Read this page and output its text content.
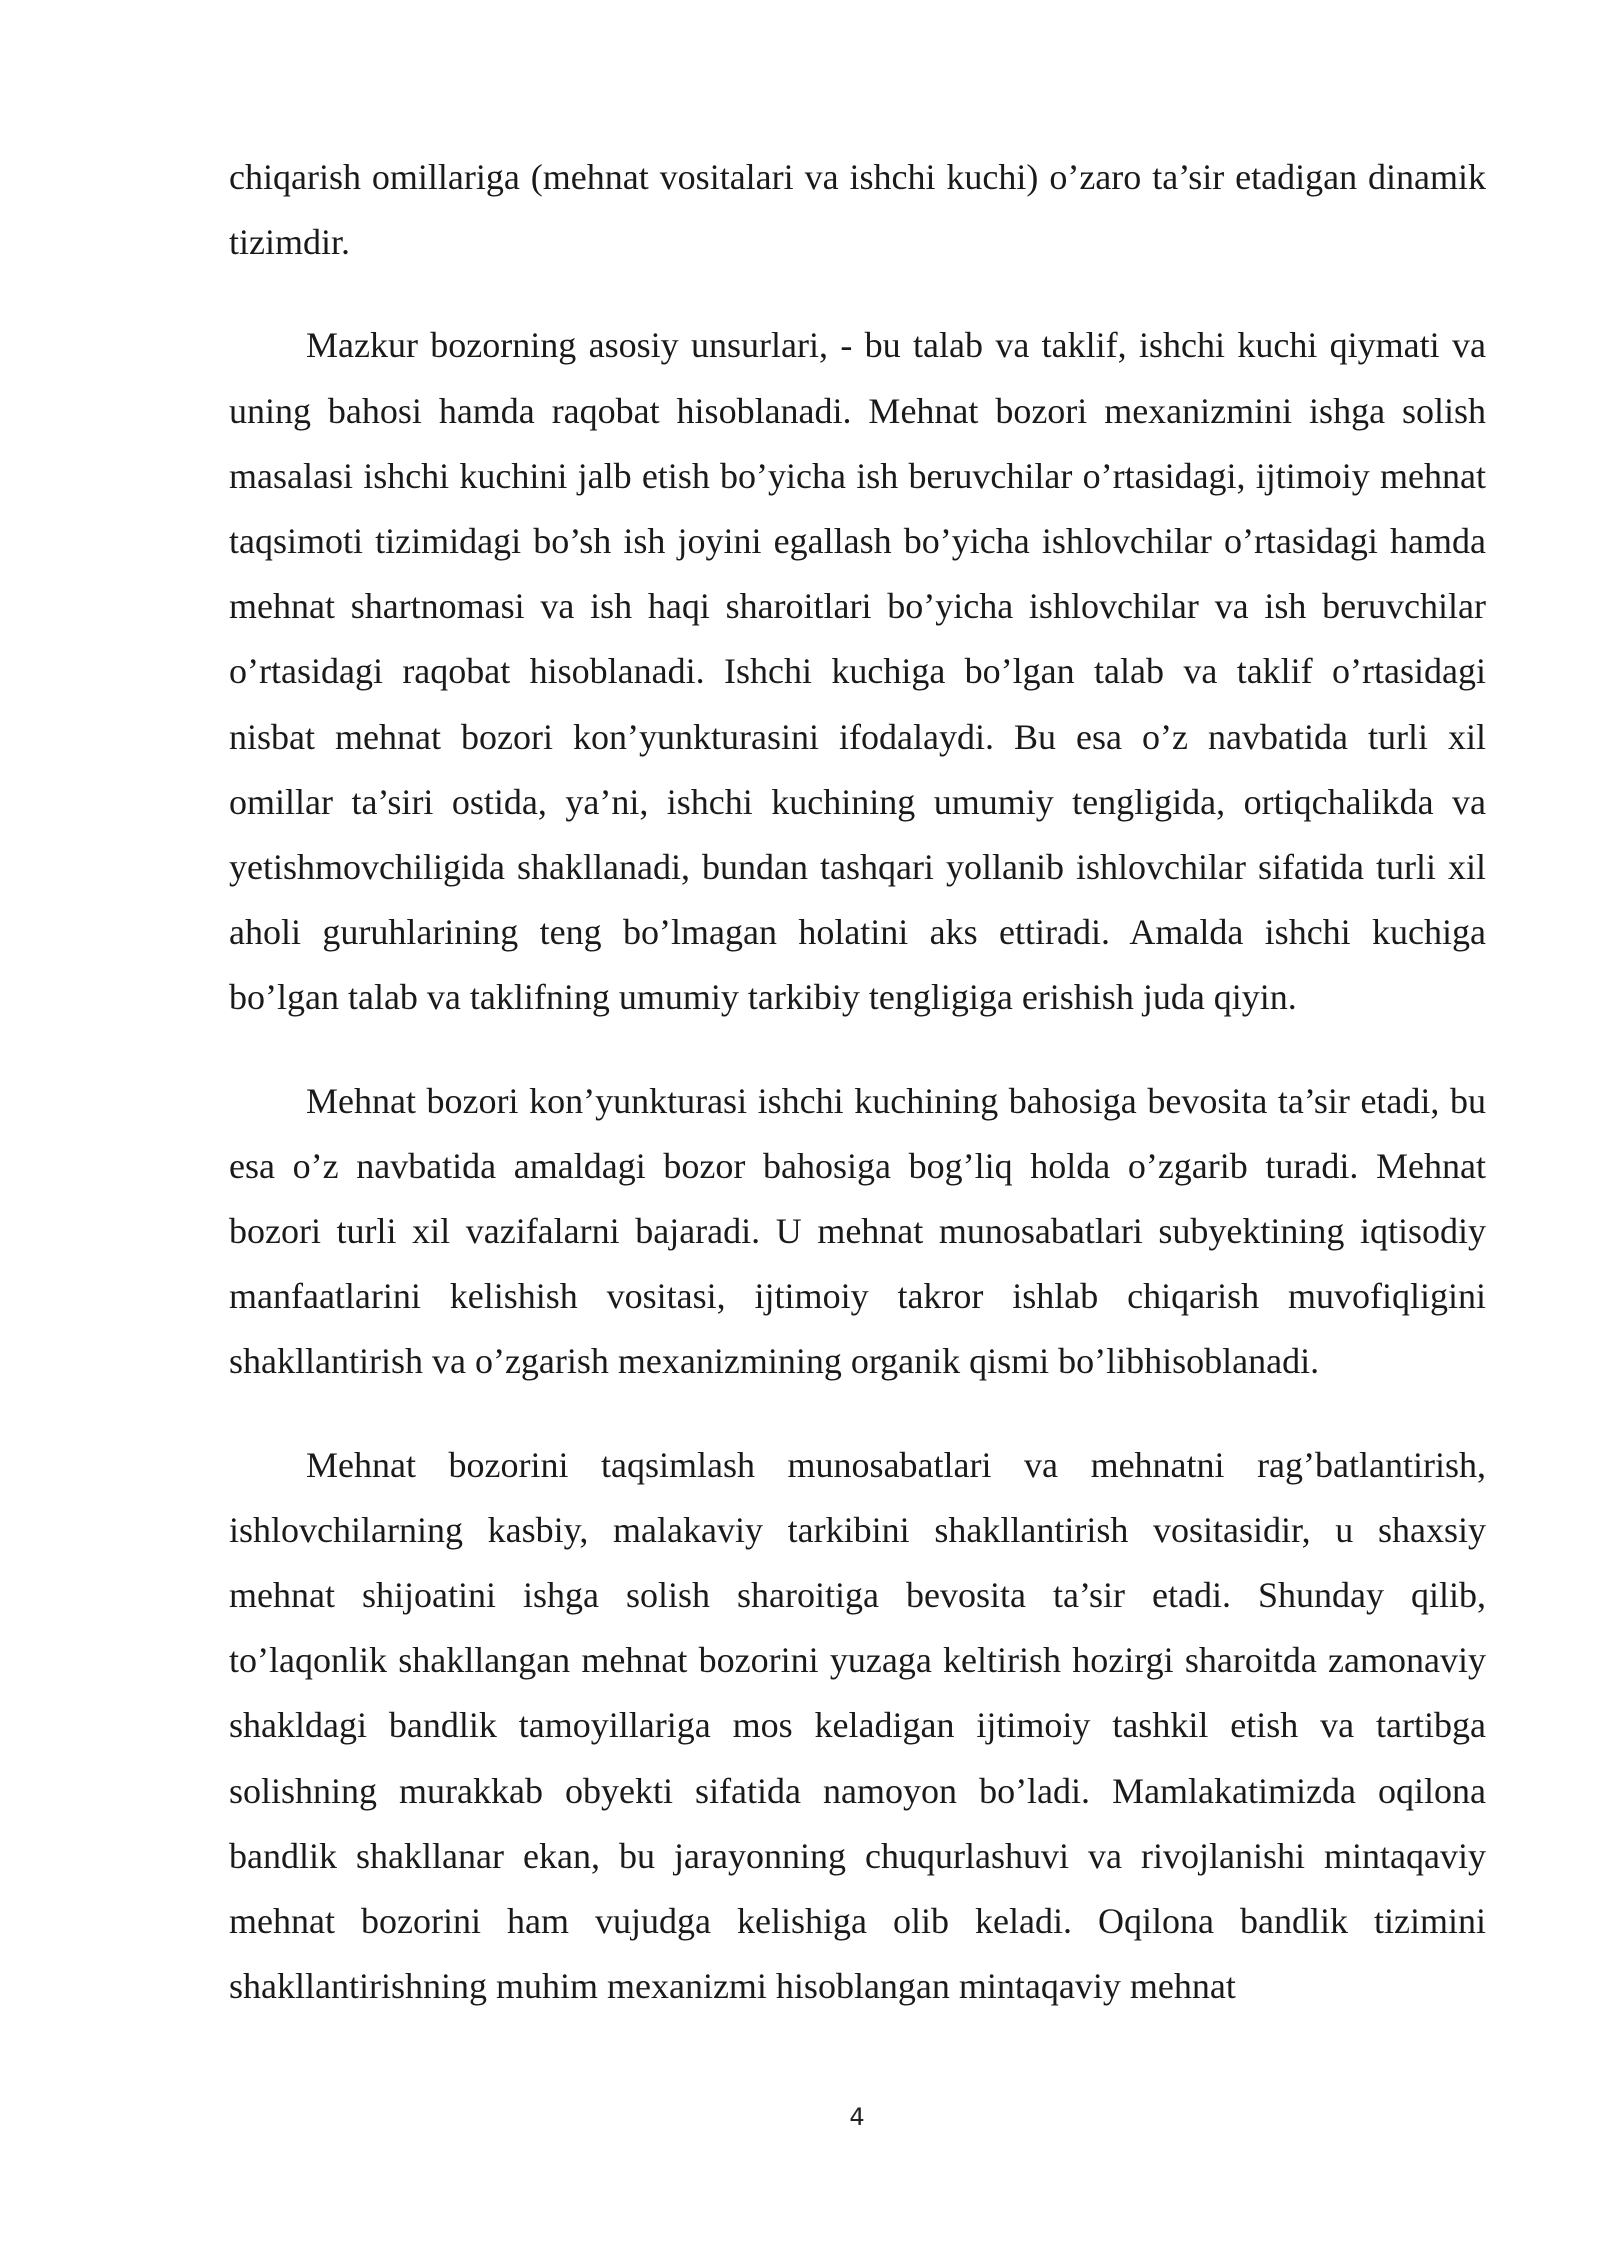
chiqarish omillariga (mehnat vositalari va ishchi kuchi) o’zaro ta’sir etadigan dinamik tizimdir.

Mazkur bozorning asosiy unsurlari, - bu talab va taklif, ishchi kuchi qiymati va uning bahosi hamda raqobat hisoblanadi. Mehnat bozori mexanizmini ishga solish masalasi ishchi kuchini jalb etish bo’yicha ish beruvchilar o’rtasidagi, ijtimoiy mehnat taqsimoti tizimidagi bo’sh ish joyini egallash bo’yicha ishlovchilar o’rtasidagi hamda mehnat shartnomasi va ish haqi sharoitlari bo’yicha ishlovchilar va ish beruvchilar o’rtasidagi raqobat hisoblanadi. Ishchi kuchiga bo’lgan talab va taklif o’rtasidagi nisbat mehnat bozori kon’yunkturasini ifodalaydi. Bu esa o’z navbatida turli xil omillar ta’siri ostida, ya’ni, ishchi kuchining umumiy tengligida, ortiqchalikda va yetishmovchiligida shakllanadi, bundan tashqari yollanib ishlovchilar sifatida turli xil aholi guruhlarining teng bo’lmagan holatini aks ettiradi. Amalda ishchi kuchiga bo’lgan talab va taklifning umumiy tarkibiy tengligiga erishish juda qiyin.

Mehnat bozori kon’yunkturasi ishchi kuchining bahosiga bevosita ta’sir etadi, bu esa o’z navbatida amaldagi bozor bahosiga bog’liq holda o’zgarib turadi. Mehnat bozori turli xil vazifalarni bajaradi. U mehnat munosabatlari subyektining iqtisodiy manfaatlarini kelishish vositasi, ijtimoiy takror ishlab chiqarish muvofiqligini shakllantirish va o’zgarish mexanizmining organik qismi bo’libhisoblanadi.

Mehnat bozorini taqsimlash munosabatlari va mehnatni rag’batlantirish, ishlovchilarning kasbiy, malakaviy tarkibini shakllantirish vositasidir, u shaxsiy mehnat shijoatini ishga solish sharoitiga bevosita ta’sir etadi. Shunday qilib, to’laqonlik shakllangan mehnat bozorini yuzaga keltirish hozirgi sharoitda zamonaviy shakldagi bandlik tamoyillariga mos keladigan ijtimoiy tashkil etish va tartibga solishning murakkab obyekti sifatida namoyon bo’ladi. Mamlakatimizda oqilona bandlik shakllanar ekan, bu jarayonning chuqurlashuvi va rivojlanishi mintaqaviy mehnat bozorini ham vujudga kelishiga olib keladi. Oqilona bandlik tizimini shakllantirishning muhim mexanizmi hisoblangan mintaqaviy mehnat

4
